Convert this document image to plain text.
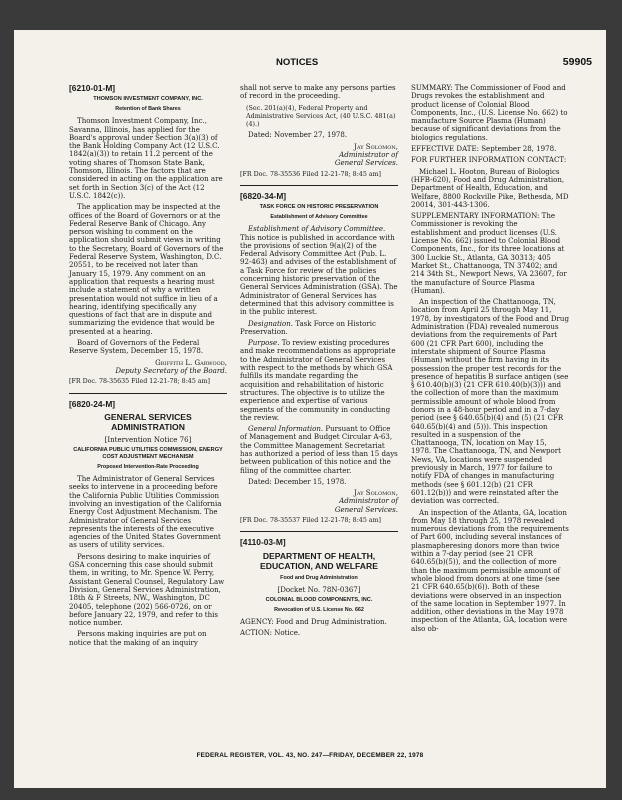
NOTICES	59905
[6210-01-M]
THOMSON INVESTMENT COMPANY, INC.
Retention of Bank Shares

Thomson Investment Company, Inc., Savanna, Illinois, has applied for the Board's approval under Section 3(a)(3) of the Bank Holding Company Act (12 U.S.C. 1842(a)(3)) to retain 11.2 percent of the voting shares of Thomson State Bank, Thomson, Illinois. The factors that are considered in acting on the application are set forth in Section 3(c) of the Act (12 U.S.C. 1842(c)).

The application may be inspected at the offices of the Board of Governors or at the Federal Reserve Bank of Chicago. Any person wishing to comment on the application should submit views in writing to the Secretary, Board of Governors of the Federal Reserve System, Washington, D.C. 20551, to be received not later than January 15, 1979. Any comment on an application that requests a hearing must include a statement of why a written presentation would not suffice in lieu of a hearing, identifying specifically any questions of fact that are in dispute and summarizing the evidence that would be presented at a hearing.

Board of Governors of the Federal Reserve System, December 15, 1978.

Griffith L. Garwood,
Deputy Secretary of the Board.

[FR Doc. 78-35635 Filed 12-21-78; 8:45 am]

[6820-24-M]
GENERAL SERVICES ADMINISTRATION
[Intervention Notice 76]
CALIFORNIA PUBLIC UTILITIES COMMISSION, ENERGY COST ADJUSTMENT MECHANISM
Proposed Intervention-Rate Proceeding

The Administrator of General Services seeks to intervene in a proceeding before the California Public Utilities Commission involving an investigation of the California Energy Cost Adjustment Mechanism. The Administrator of General Services represents the interests of the executive agencies of the United States Government as users of utility services.

Persons desiring to make inquiries of GSA concerning this case should submit them, in writing, to Mr. Spence W. Perry, Assistant General Counsel, Regulatory Law Division, General Services Administration, 18th & F Streets, NW., Washington, DC 20405, telephone (202) 566-0726, on or before January 22, 1979, and refer to this notice number.

Persons making inquiries are put on notice that the making of an inquiry

shall not serve to make any persons parties of record in the proceeding.

(Sec. 201(a)(4), Federal Property and Administrative Services Act, (40 U.S.C. 481(a)(4).)

Dated: November 27, 1978.

Jay Solomon,
Administrator of
General Services.

[FR Doc. 78-35536 Filed 12-21-78; 8:45 am]

[6820-34-M]
TASK FORCE ON HISTORIC PRESERVATION
Establishment of Advisory Committee

Establishment of Advisory Committee. This notice is published in accordance with the provisions of section 9(a)(2) of the Federal Advisory Committee Act (Pub. L. 92-463) and advises of the establishment of a Task Force for review of the policies concerning historic preservation of the General Services Administration (GSA). The Administrator of General Services has determined that this advisory committee is in the public interest.

Designation. Task Force on Historic Preservation.

Purpose. To review existing procedures and make recommendations as appropriate to the Administrator of General Services with respect to the methods by which GSA fulfills its mandate regarding the acquisition and rehabilitation of historic structures. The objective is to utilize the experience and expertise of various segments of the community in conducting the review.

General Information. Pursuant to Office of Management and Budget Circular A-63, the Committee Management Secretariat has authorized a period of less than 15 days between publication of this notice and the filing of the committee charter.

Dated: December 15, 1978.

Jay Solomon,
Administrator of
General Services.

[FR Doc. 78-35537 Filed 12-21-78; 8:45 am]

[4110-03-M]
DEPARTMENT OF HEALTH, EDUCATION, AND WELFARE
Food and Drug Administration
[Docket No. 78N-0367]
COLONIAL BLOOD COMPONENTS, INC.
Revocation of U.S. License No. 662

AGENCY: Food and Drug Administration.

ACTION: Notice.

SUMMARY: The Commissioner of Food and Drugs revokes the establishment and product license of Colonial Blood Components, Inc., (U.S. License No. 662) to manufacture Source Plasma (Human) because of significant deviations from the biologics regulations.

EFFECTIVE DATE: September 28, 1978.

FOR FURTHER INFORMATION CONTACT:

Michael L. Hooton, Bureau of Biologics (HFB-620), Food and Drug Administration, Department of Health, Education, and Welfare, 8800 Rockville Pike, Bethesda, MD 20014, 301-443-1306.

SUPPLEMENTARY INFORMATION: The Commissioner is revoking the establishment and product licenses (U.S. License No. 662) issued to Colonial Blood Components, Inc., for its three locations at 300 Luckie St., Atlanta, GA 30313; 405 Market St., Chattanooga, TN 37402; and 214 34th St., Newport News, VA 23607, for the manufacture of Source Plasma (Human).

An inspection of the Chattanooga, TN, location from April 25 through May 11, 1978, by investigators of the Food and Drug Administration (FDA) revealed numerous deviations from the requirements of Part 600 (21 CFR Part 600), including the interstate shipment of Source Plasma (Human) without the firm having in its possession the proper test records for the presence of hepatitis B surface antigen (see § 610.40(b)(3) (21 CFR 610.40(b)(3))) and the collection of more than the maximum permissible amount of whole blood from donors in a 48-hour period and in a 7-day period (see § 640.65(b)(4) and (5) (21 CFR 640.65(b)(4) and (5))). This inspection resulted in a suspension of the Chattanooga, TN, location on May 15, 1978. The Chattanooga, TN, and Newport News, VA, locations were suspended previously in March, 1977 for failure to notify FDA of changes in manufacturing methods (see § 601.12(b) (21 CFR 601.12(b))) and were reinstated after the deviation was corrected.

An inspection of the Atlanta, GA, location from May 18 through 25, 1978 revealed numerous deviations from the requirements of Part 600, including several instances of plasmapheresing donors more than twice within a 7-day period (see 21 CFR 640.65(b)(5)), and the collection of more than the maximum permissible amount of whole blood from donors at one time (see 21 CFR 640.65(b)(6)). Both of these deviations were observed in an inspection of the same location in September 1977. In addition, other deviations in the May 1978 inspection of the Atlanta, GA, location were also ob-

FEDERAL REGISTER, VOL. 43, NO. 247—FRIDAY, DECEMBER 22, 1978
